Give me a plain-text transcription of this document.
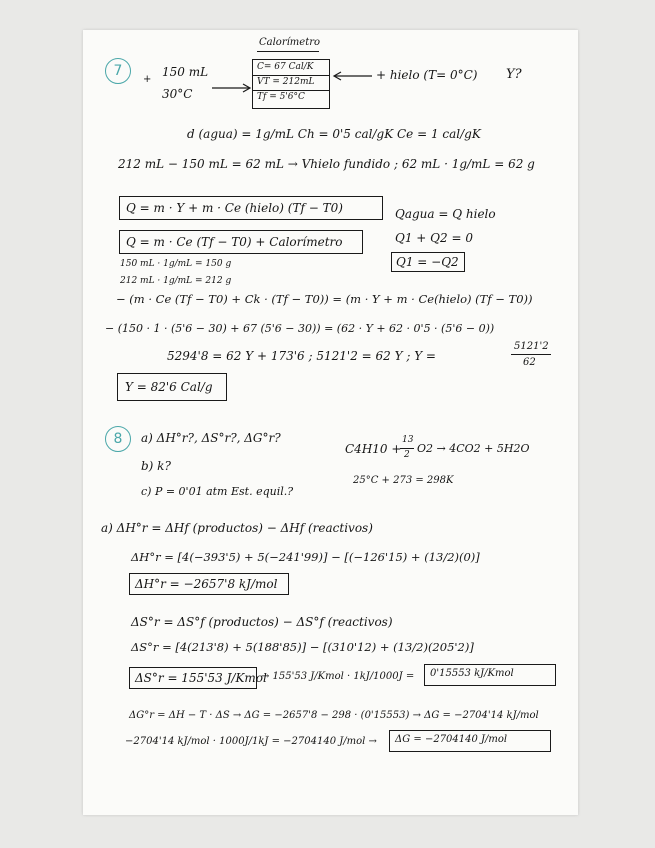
7
Calorímetro
C= 67 Cal/K
VT = 212mL
Tf = 5'6°C
+
150 mL
30°C
+ hielo (T= 0°C) Y?
d (agua) = 1g/mL Ch = 0'5 cal/gK Ce = 1 cal/gK
212 mL − 150 mL = 62 mL → Vhielo fundido ; 62 mL · 1g/mL = 62 g
Q = m · Y + m · Ce (hielo) (Tf − T0)
Q = m · Ce (Tf − T0) + Calorímetro
Qagua = Q hielo
Q1 + Q2 = 0
Q1 = −Q2
150 mL · 1g/mL = 150 g
212 mL · 1g/mL = 212 g
− (m · Ce (Tf − T0) + Ck · (Tf − T0)) = (m · Y + m · Ce(hielo) (Tf − T0))
− (150 · 1 · (5'6 − 30) + 67 (5'6 − 30)) = (62 · Y + 62 · 0'5 · (5'6 − 0))
5294'8 = 62 Y + 173'6 ; 5121'2 = 62 Y ; Y =
5121'2
62
Y = 82'6 Cal/g
8 a) ΔH°r?, ΔS°r?, ΔG°r?
b) k?
c) P = 0'01 atm Est. equil.?
C4H10 +
13
2 O2 → 4CO2 + 5H2O
25°C + 273 = 298K
a) ΔH°r = ΔHf (productos) − ΔHf (reactivos)
ΔH°r = [4(−393'5) + 5(−241'99)] − [(−126'15) + (13/2)(0)]
ΔH°r = −2657'8 kJ/mol
ΔS°r = ΔS°f (productos) − ΔS°f (reactivos)
ΔS°r = [4(213'8) + 5(188'85)] − [(310'12) + (13/2)(205'2)]
ΔS°r = 155'53 J/Kmol
→ 155'53 J/Kmol · 1kJ/1000J = 0'15553 kJ/Kmol
ΔG°r = ΔH − T · ΔS → ΔG = −2657'8 − 298 · (0'15553) → ΔG = −2704'14 kJ/mol
−2704'14 kJ/mol · 1000J/1kJ = −2704140 J/mol → ΔG = −2704140 J/mol
